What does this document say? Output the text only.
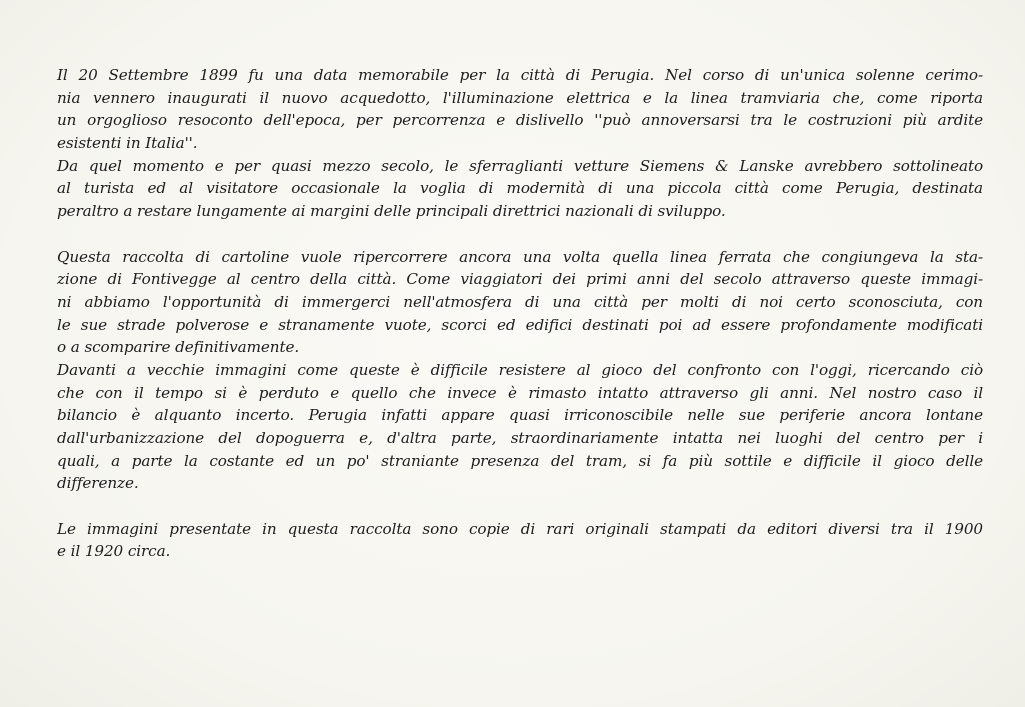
Il 20 Settembre 1899 fu una data memorabile per la città di Perugia. Nel corso di un'unica solenne cerimo-
nia vennero inaugurati il nuovo acquedotto, l'illuminazione elettrica e la linea tramviaria che, come riporta
un orgoglioso resoconto dell'epoca, per percorrenza e dislivello ''può annoversarsi tra le costruzioni più ardite
esistenti in Italia''.
Da quel momento e per quasi mezzo secolo, le sferraglianti vetture Siemens & Lanske avrebbero sottolineato
al turista ed al visitatore occasionale la voglia di modernità di una piccola città come Perugia, destinata
peraltro a restare lungamente ai margini delle principali direttrici nazionali di sviluppo.
Questa raccolta di cartoline vuole ripercorrere ancora una volta quella linea ferrata che congiungeva la sta-
zione di Fontivegge al centro della città. Come viaggiatori dei primi anni del secolo attraverso queste immagi-
ni abbiamo l'opportunità di immergerci nell'atmosfera di una città per molti di noi certo sconosciuta, con
le sue strade polverose e stranamente vuote, scorci ed edifici destinati poi ad essere profondamente modificati
o a scomparire definitivamente.
Davanti a vecchie immagini come queste è difficile resistere al gioco del confronto con l'oggi, ricercando ciò
che con il tempo si è perduto e quello che invece è rimasto intatto attraverso gli anni. Nel nostro caso il
bilancio è alquanto incerto. Perugia infatti appare quasi irriconoscibile nelle sue periferie ancora lontane
dall'urbanizzazione del dopoguerra e, d'altra parte, straordinariamente intatta nei luoghi del centro per i
quali, a parte la costante ed un po' straniante presenza del tram, si fa più sottile e difficile il gioco delle
differenze.
Le immagini presentate in questa raccolta sono copie di rari originali stampati da editori diversi tra il 1900
e il 1920 circa.
